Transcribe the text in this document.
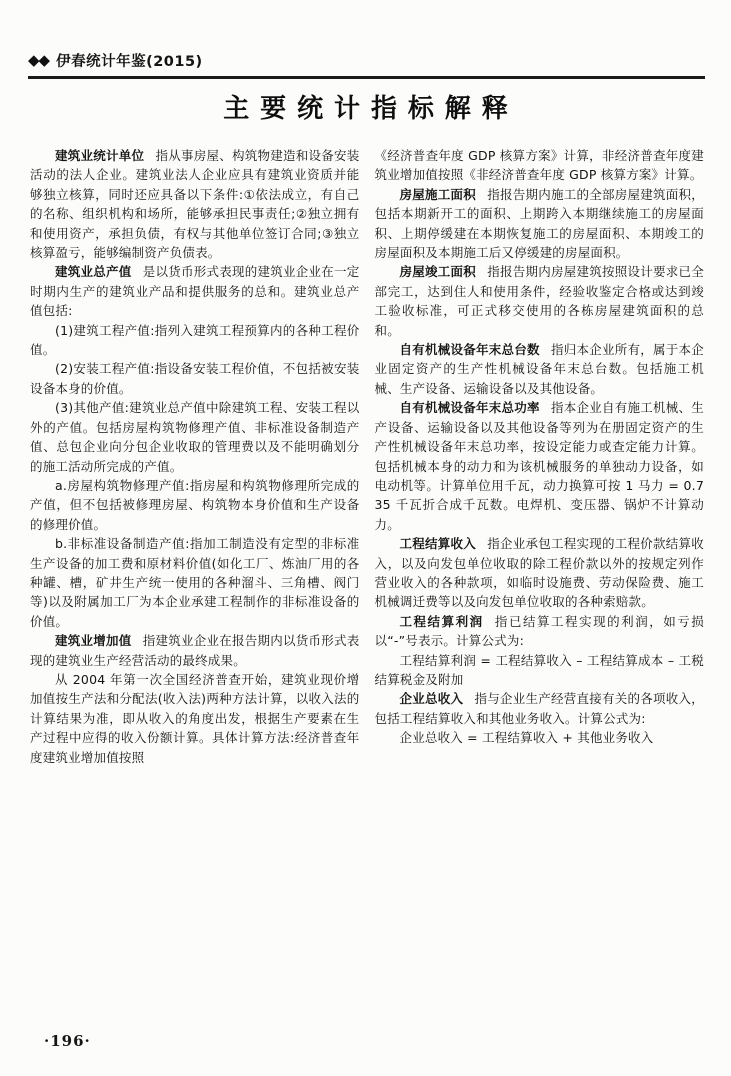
◆◆ 伊春统计年鉴(2015)
主要统计指标解释

建筑业统计单位 指从事房屋、构筑物建造和设备安装活动的法人企业。建筑业法人企业应具有建筑业资质并能够独立核算，同时还应具备以下条件:①依法成立，有自己的名称、组织机构和场所，能够承担民事责任;②独立拥有和使用资产，承担负债，有权与其他单位签订合同;③独立核算盈亏，能够编制资产负债表。

建筑业总产值 是以货币形式表现的建筑业企业在一定时期内生产的建筑业产品和提供服务的总和。建筑业总产值包括:

(1)建筑工程产值:指列入建筑工程预算内的各种工程价值。

(2)安装工程产值:指设备安装工程价值，不包括被安装设备本身的价值。

(3)其他产值:建筑业总产值中除建筑工程、安装工程以外的产值。包括房屋构筑物修理产值、非标准设备制造产值、总包企业向分包企业收取的管理费以及不能明确划分的施工活动所完成的产值。

a.房屋构筑物修理产值:指房屋和构筑物修理所完成的产值，但不包括被修理房屋、构筑物本身价值和生产设备的修理价值。

b.非标准设备制造产值:指加工制造没有定型的非标准生产设备的加工费和原材料价值(如化工厂、炼油厂用的各种罐、槽，矿井生产统一使用的各种溜斗、三角槽、阀门等)以及附属加工厂为本企业承建工程制作的非标准设备的价值。

建筑业增加值 指建筑业企业在报告期内以货币形式表现的建筑业生产经营活动的最终成果。

从 2004 年第一次全国经济普查开始，建筑业现价增加值按生产法和分配法(收入法)两种方法计算，以收入法的计算结果为准，即从收入的角度出发，根据生产要素在生产过程中应得的收入份额计算。具体计算方法:经济普查年度建筑业增加值按照

《经济普查年度 GDP 核算方案》计算，非经济普查年度建筑业增加值按照《非经济普查年度 GDP 核算方案》计算。

房屋施工面积 指报告期内施工的全部房屋建筑面积，包括本期新开工的面积、上期跨入本期继续施工的房屋面积、上期停缓建在本期恢复施工的房屋面积、本期竣工的房屋面积及本期施工后又停缓建的房屋面积。

房屋竣工面积 指报告期内房屋建筑按照设计要求已全部完工，达到住人和使用条件，经验收鉴定合格或达到竣工验收标准，可正式移交使用的各栋房屋建筑面积的总和。

自有机械设备年末总台数 指归本企业所有，属于本企业固定资产的生产性机械设备年末总台数。包括施工机械、生产设备、运输设备以及其他设备。

自有机械设备年末总功率 指本企业自有施工机械、生产设备、运输设备以及其他设备等列为在册固定资产的生产性机械设备年末总功率，按设定能力或查定能力计算。包括机械本身的动力和为该机械服务的单独动力设备，如电动机等。计算单位用千瓦，动力换算可按 1 马力 = 0.735 千瓦折合成千瓦数。电焊机、变压器、锅炉不计算动力。

工程结算收入 指企业承包工程实现的工程价款结算收入，以及向发包单位收取的除工程价款以外的按规定列作营业收入的各种款项，如临时设施费、劳动保险费、施工机械调迁费等以及向发包单位收取的各种索赔款。

工程结算利润 指已结算工程实现的利润，如亏损以“-”号表示。计算公式为:

工程结算利润 = 工程结算收入 – 工程结算成本 – 工税结算税金及附加

企业总收入 指与企业生产经营直接有关的各项收入，包括工程结算收入和其他业务收入。计算公式为:

企业总收入 = 工程结算收入 + 其他业务收入

·196·
